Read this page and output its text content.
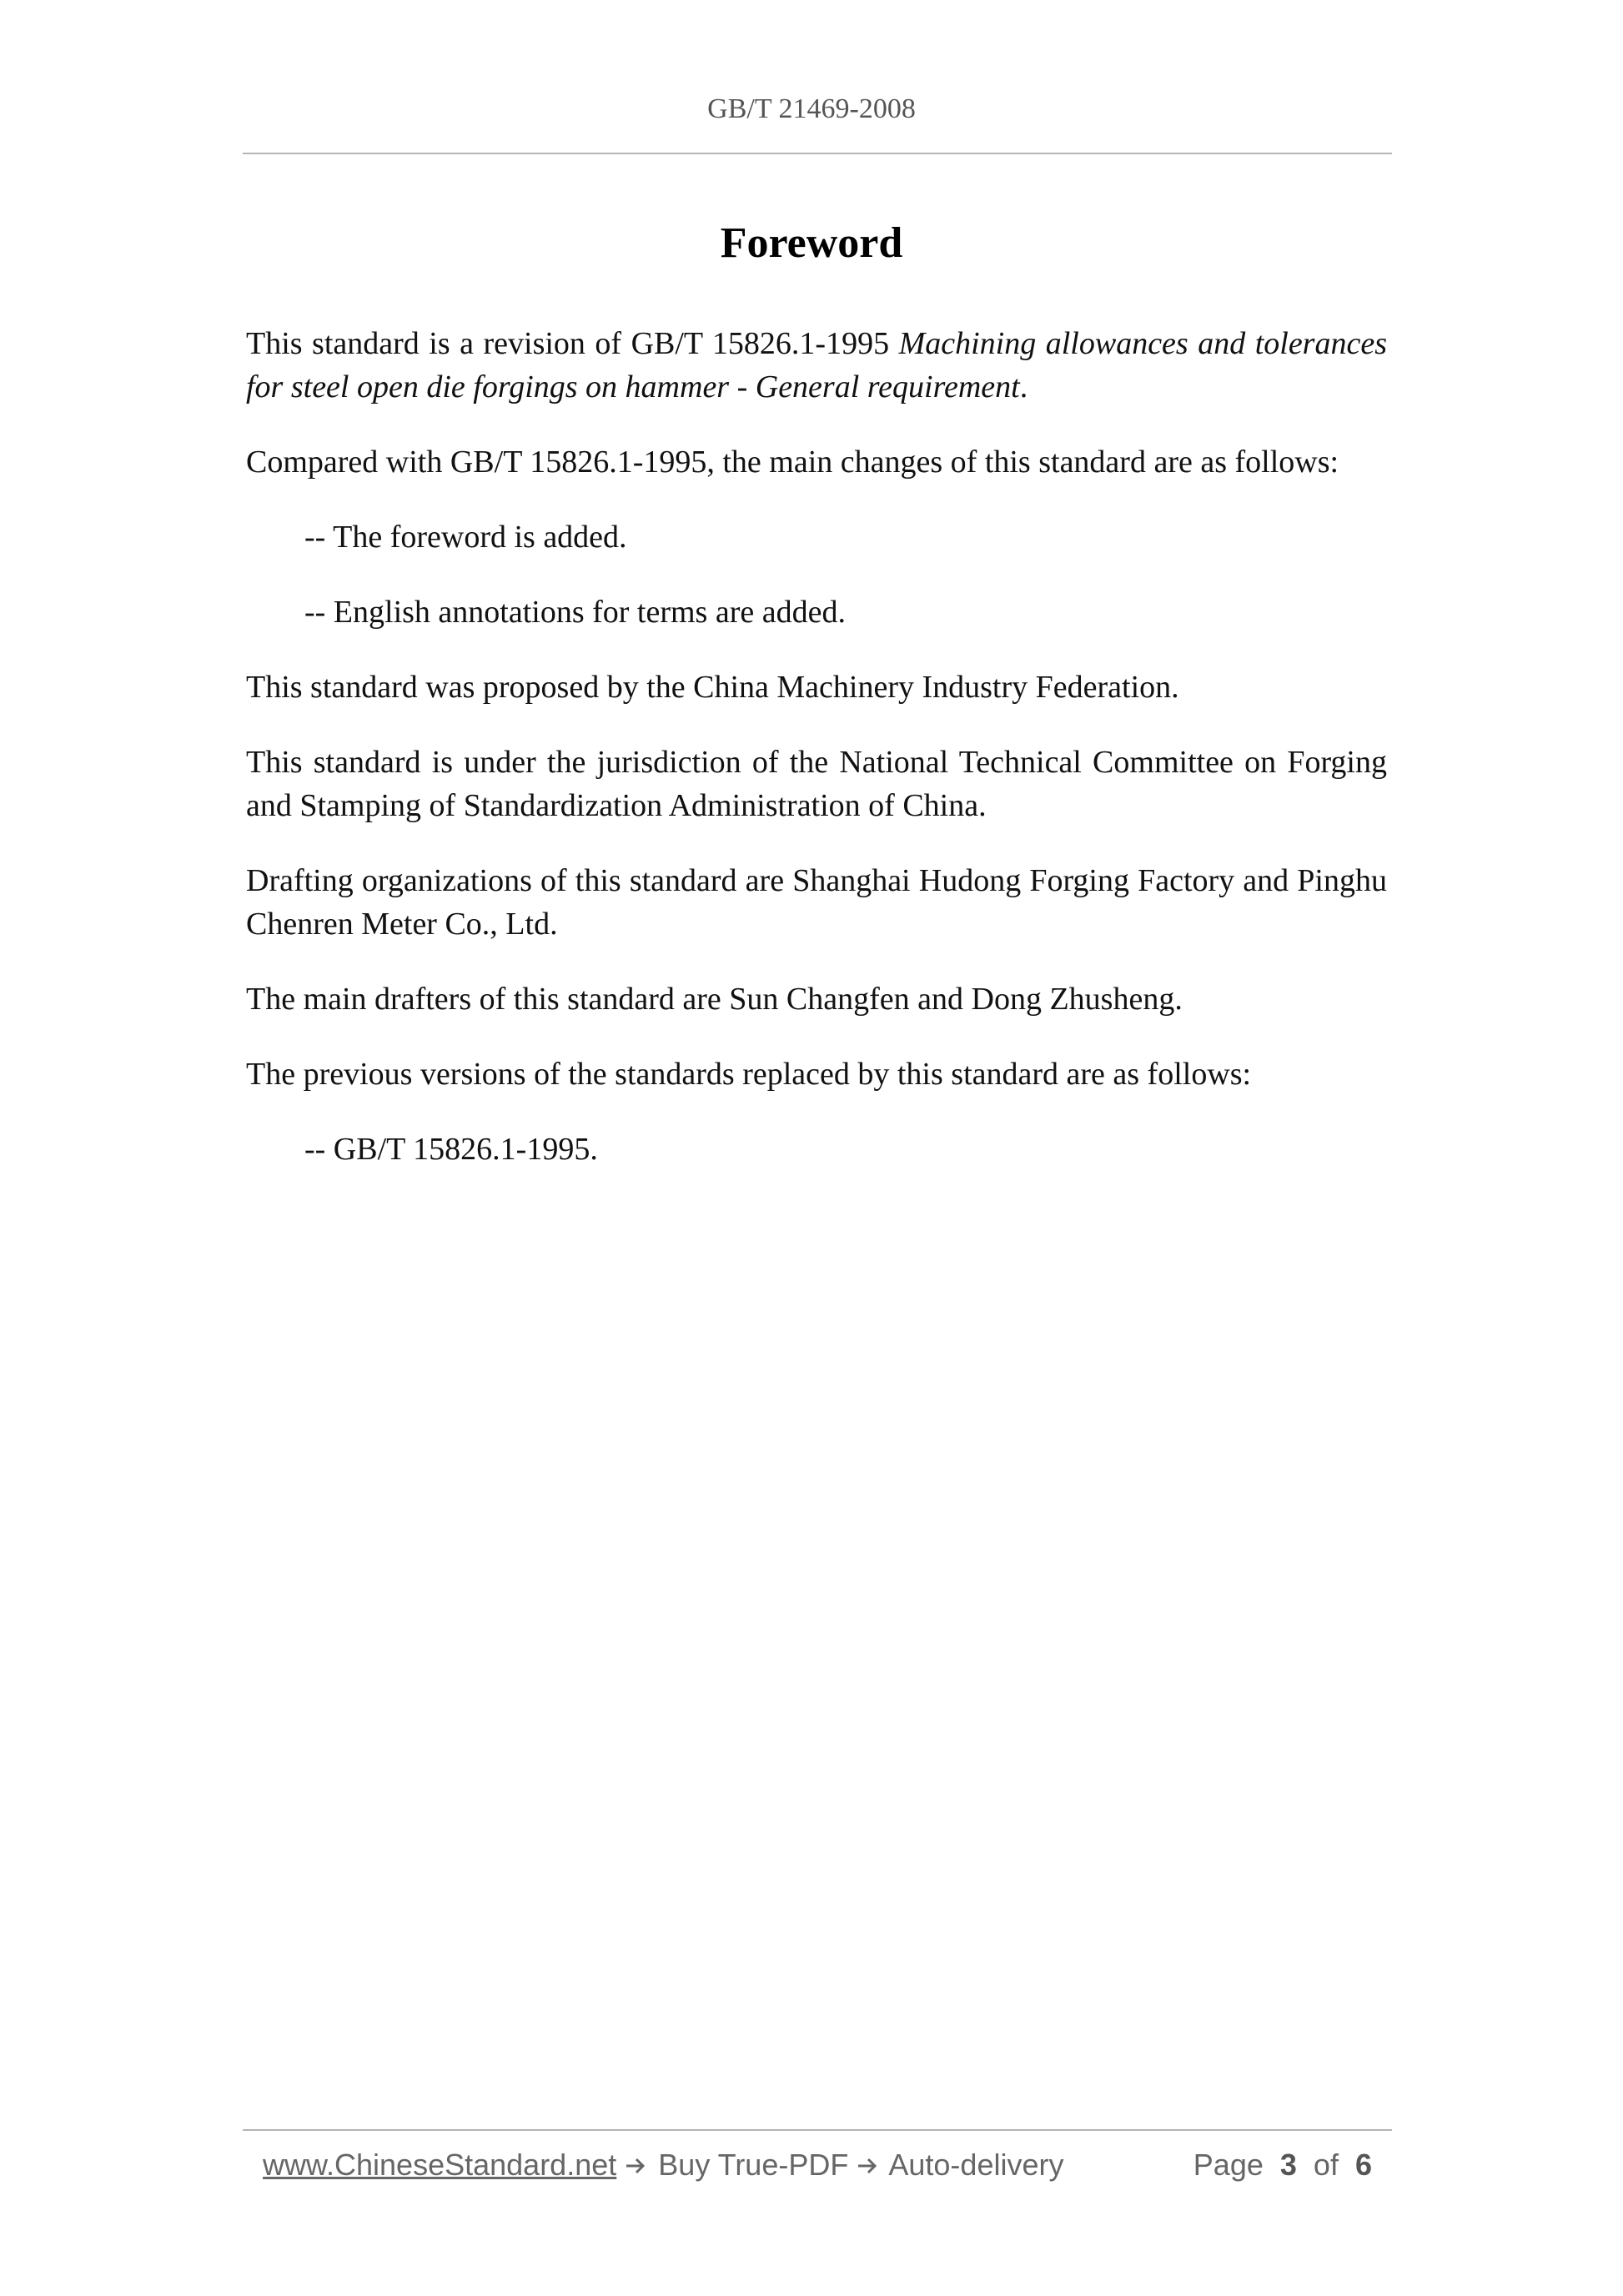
GB/T 21469-2008
Foreword

This standard is a revision of GB/T 15826.1-1995 Machining allowances and tolerances for steel open die forgings on hammer - General requirement.

Compared with GB/T 15826.1-1995, the main changes of this standard are as follows:

-- The foreword is added.

-- English annotations for terms are added.

This standard was proposed by the China Machinery Industry Federation.

This standard is under the jurisdiction of the National Technical Committee on Forging and Stamping of Standardization Administration of China.

Drafting organizations of this standard are Shanghai Hudong Forging Factory and Pinghu Chenren Meter Co., Ltd.

The main drafters of this standard are Sun Changfen and Dong Zhusheng.

The previous versions of the standards replaced by this standard are as follows:

-- GB/T 15826.1-1995.

www.ChineseStandard.net Buy True-PDF Auto-delivery	Page 3 of 6
